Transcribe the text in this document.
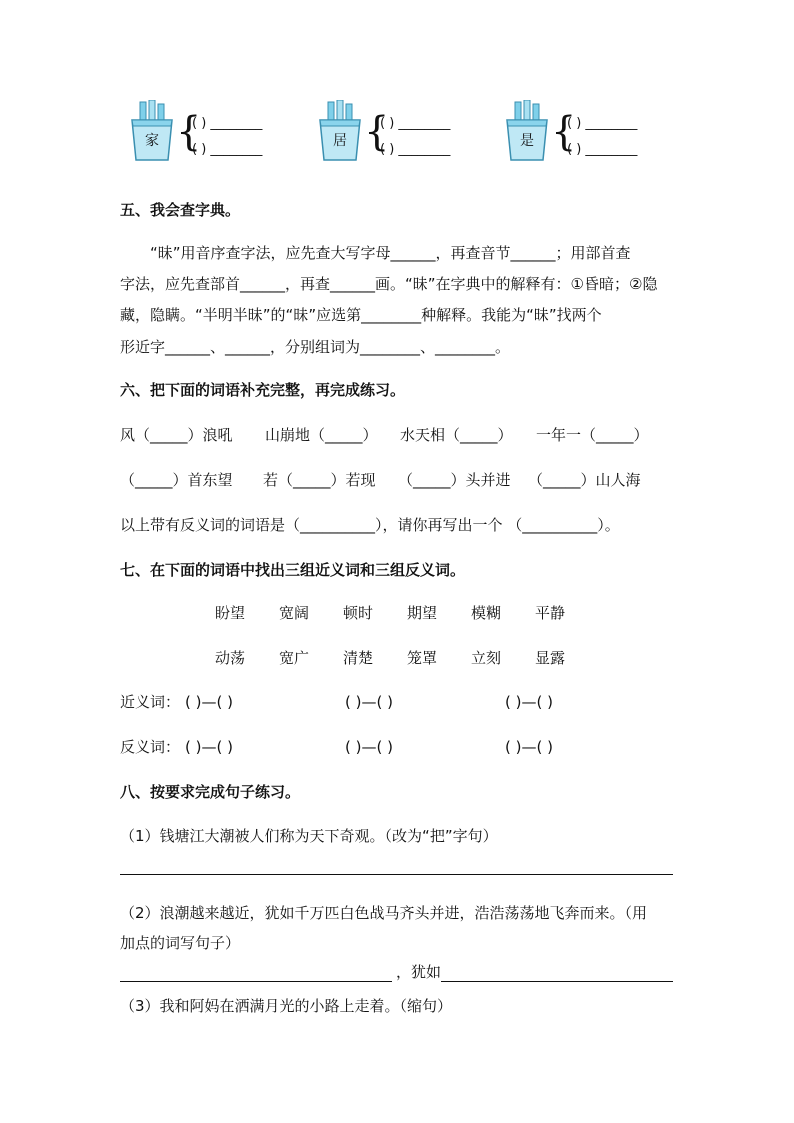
家 {
( ) ________
( ) ________
居 {
( ) ________
( ) ________
是 {
( ) ________
( ) ________
五、我会查字典。
“昧”用音序查字法，应先查大写字母______，再查音节______；用部首查
字法，应先查部首______，再查______画。“昧”在字典中的解释有：①昏暗；②隐
藏，隐瞒。“半明半昧”的“昧”应选第________种解释。我能为“昧”找两个
形近字______、______，分别组词为________、________。
六、把下面的词语补充完整，再完成练习。
风（_____）浪吼 山崩地（_____） 水天相（_____） 一年一（_____）
（_____）首东望 若（_____）若现 （_____）头并进 （_____）山人海
以上带有反义词的词语是（__________），请你再写出一个 （__________）。
七、在下面的词语中找出三组近义词和三组反义词。
盼望 宽阔 顿时 期望 模糊 平静
动荡 宽广 清楚 笼罩 立刻 显露
近义词： ( )—( )	( )—( )	( )—( )
反义词： ( )—( )	( )—( )	( )—( )
八、按要求完成句子练习。
（1）钱塘江大潮被人们称为天下奇观。（改为“把”字句）
（2）浪潮越来越近，犹如千万匹白色战马齐头并进，浩浩荡荡地飞奔而来。（用
加点的词写句子）
，犹如
（3）我和阿妈在洒满月光的小路上走着。（缩句）
